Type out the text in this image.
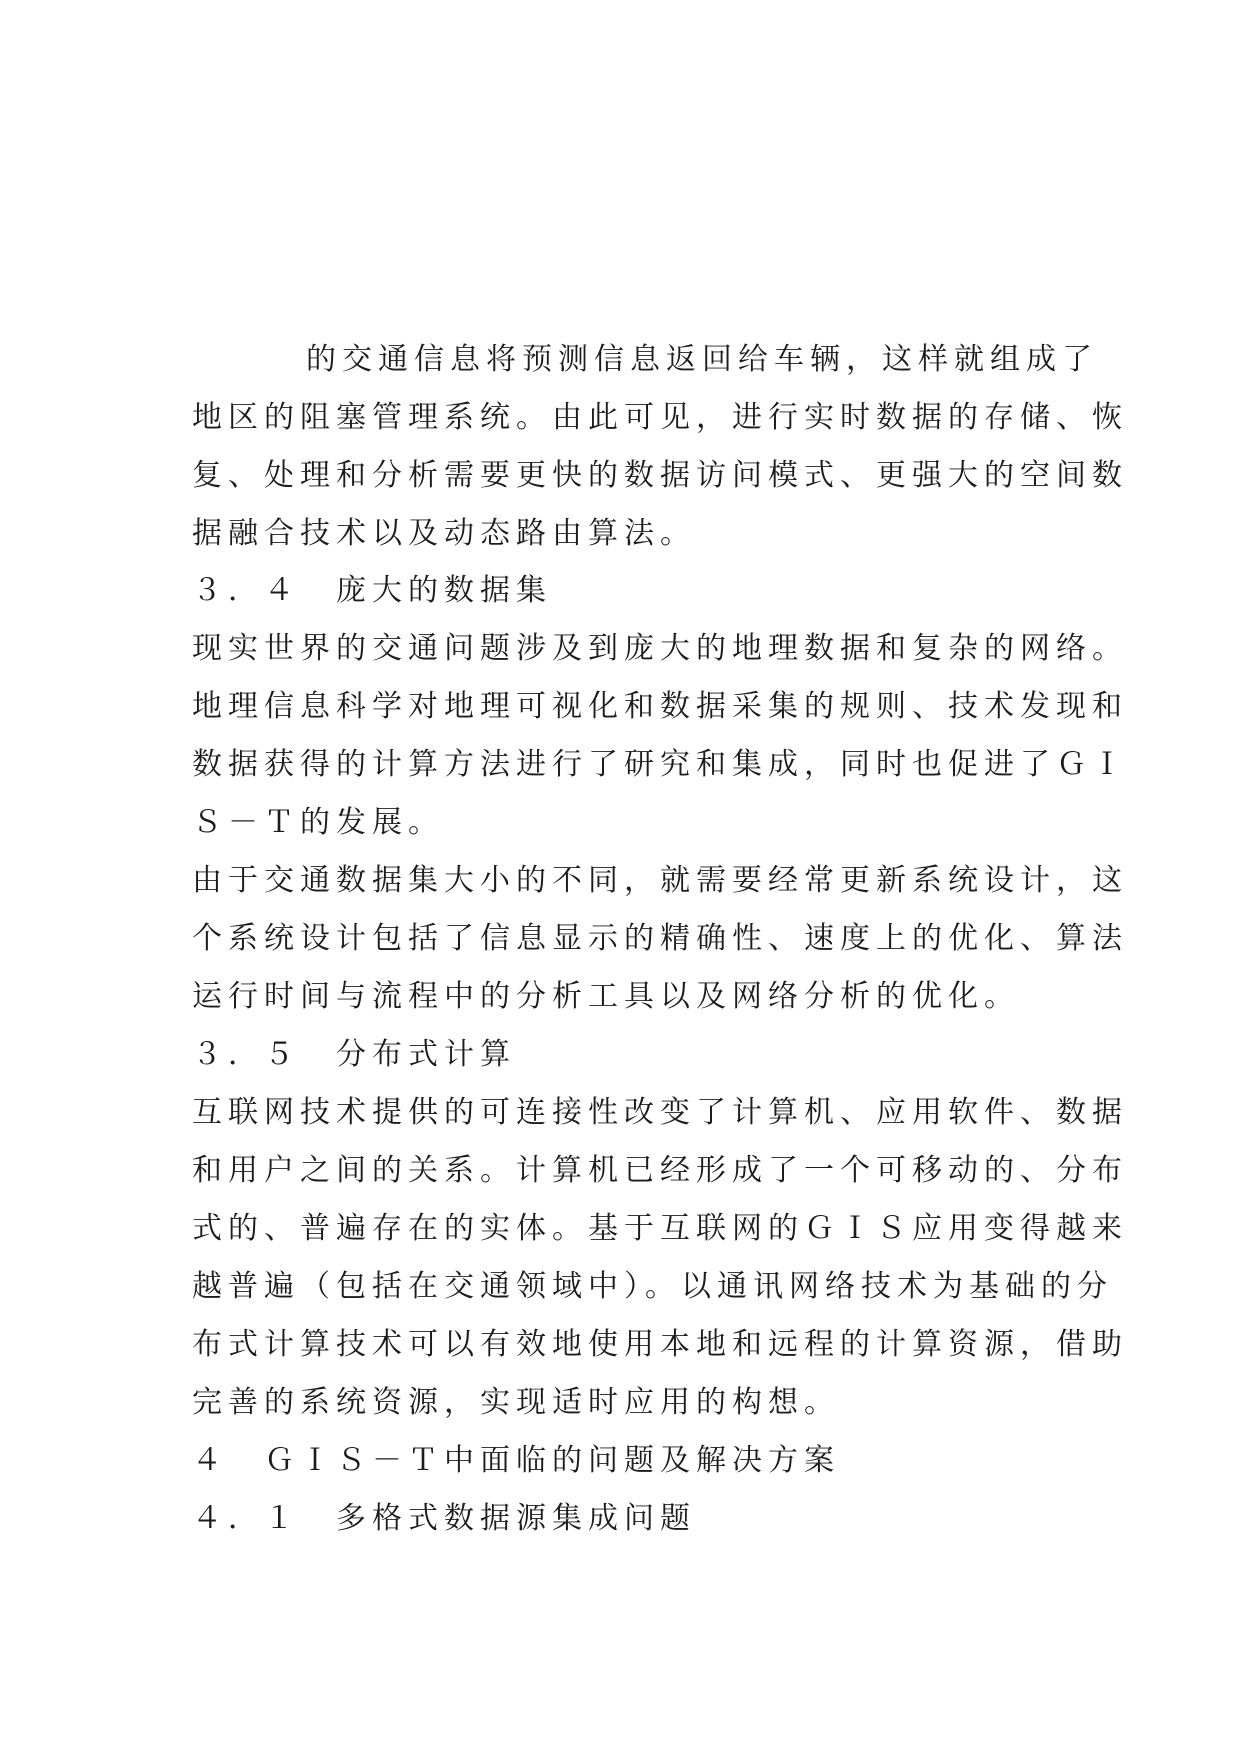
的交通信息将预测信息返回给车辆，这样就组成了
地区的阻塞管理系统。由此可见，进行实时数据的存储、恢
复、处理和分析需要更快的数据访问模式、更强大的空间数
据融合技术以及动态路由算法。
３．４　庞大的数据集
现实世界的交通问题涉及到庞大的地理数据和复杂的网络。
地理信息科学对地理可视化和数据采集的规则、技术发现和
数据获得的计算方法进行了研究和集成，同时也促进了ＧＩ
Ｓ－Ｔ的发展。
由于交通数据集大小的不同，就需要经常更新系统设计，这
个系统设计包括了信息显示的精确性、速度上的优化、算法
运行时间与流程中的分析工具以及网络分析的优化。
３．５　分布式计算
互联网技术提供的可连接性改变了计算机、应用软件、数据
和用户之间的关系。计算机已经形成了一个可移动的、分布
式的、普遍存在的实体。基于互联网的ＧＩＳ应用变得越来
越普遍（包括在交通领域中）。以通讯网络技术为基础的分
布式计算技术可以有效地使用本地和远程的计算资源，借助
完善的系统资源，实现适时应用的构想。
４　ＧＩＳ－Ｔ中面临的问题及解决方案
４．１　多格式数据源集成问题
